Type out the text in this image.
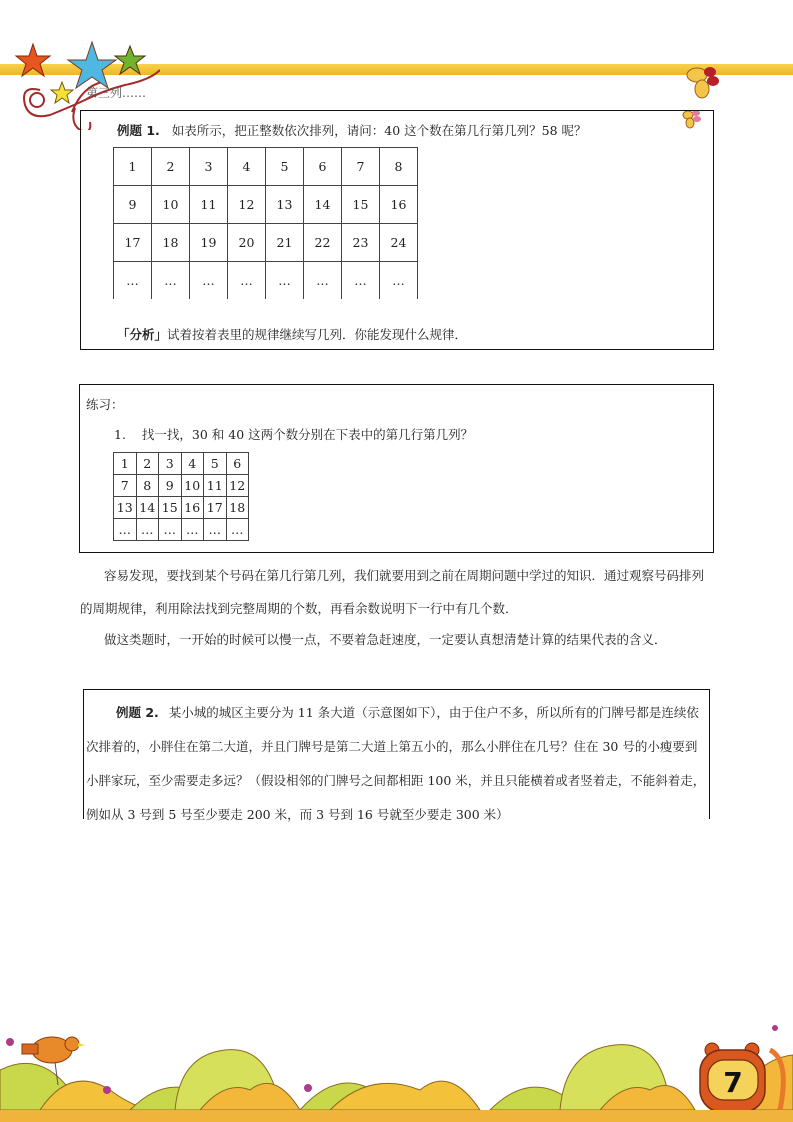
第三列……
例题 1. 如表所示，把正整数依次排列，请问：40 这个数在第几行第几列？58 呢？
1	2	3	4	5	6	7	8
9	10	11	12	13	14	15	16
17	18	19	20	21	22	23	24
…	…	…	…	…	…	…	…
「分析」试着按着表里的规律继续写几列．你能发现什么规律．
练习：
1. 找一找，30 和 40 这两个数分别在下表中的第几行第几列？
1	2	3	4	5	6
7	8	9	10	11	12
13	14	15	16	17	18
…	…	…	…	…	…
容易发现，要找到某个号码在第几行第几列，我们就要用到之前在周期问题中学过的知识．通过观察号码排列的周期规律，利用除法找到完整周期的个数，再看余数说明下一行中有几个数．
做这类题时，一开始的时候可以慢一点，不要着急赶速度，一定要认真想清楚计算的结果代表的含义．
例题 2. 某小城的城区主要分为 11 条大道（示意图如下），由于住户不多，所以所有的门牌号都是连续依次排着的，小胖住在第二大道，并且门牌号是第二大道上第五小的，那么小胖住在几号？住在 30 号的小瘦要到小胖家玩，至少需要走多远？（假设相邻的门牌号之间都相距 100 米，并且只能横着或者竖着走，不能斜着走，例如从 3 号到 5 号至少要走 200 米，而 3 号到 16 号就至少要走 300 米）
7
